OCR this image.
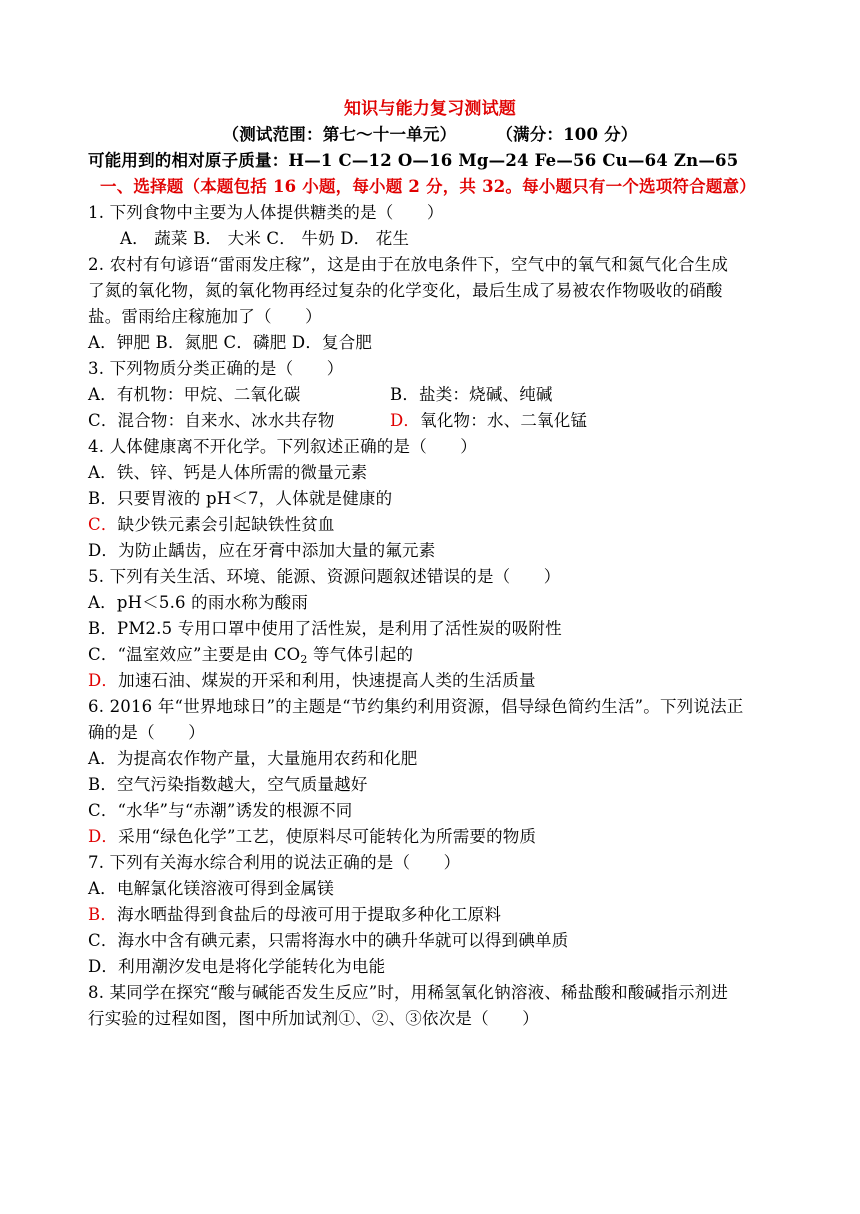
知识与能力复习测试题
（测试范围：第七～十一单元） （满分：100 分）
可能用到的相对原子质量：H—1 C—12 O—16 Mg—24 Fe—56 Cu—64 Zn—65
一、选择题（本题包括 16 小题，每小题 2 分，共 32。每小题只有一个选项符合题意）
1. 下列食物中主要为人体提供糖类的是（　　）
A． 蔬菜 B． 大米 C． 牛奶 D． 花生
2. 农村有句谚语“雷雨发庄稼”，这是由于在放电条件下，空气中的氧气和氮气化合生成
了氮的氧化物，氮的氧化物再经过复杂的化学变化，最后生成了易被农作物吸收的硝酸
盐。雷雨给庄稼施加了（　　）
A．钾肥 B．氮肥 C．磷肥 D．复合肥
3. 下列物质分类正确的是（　　）
A．有机物：甲烷、二氧化碳	B．盐类：烧碱、纯碱
C．混合物：自来水、冰水共存物	D．氧化物：水、二氧化锰
4. 人体健康离不开化学。下列叙述正确的是（　　）
A．铁、锌、钙是人体所需的微量元素
B．只要胃液的 pH＜7，人体就是健康的
C．缺少铁元素会引起缺铁性贫血
D．为防止龋齿，应在牙膏中添加大量的氟元素
5. 下列有关生活、环境、能源、资源问题叙述错误的是（　　）
A．pH＜5.6 的雨水称为酸雨
B．PM2.5 专用口罩中使用了活性炭，是利用了活性炭的吸附性
C．“温室效应”主要是由 $CO_2$ 等气体引起的
D．加速石油、煤炭的开采和利用，快速提高人类的生活质量
6. 2016 年“世界地球日”的主题是“节约集约利用资源，倡导绿色简约生活”。下列说法正
确的是（　　）
A．为提高农作物产量，大量施用农药和化肥
B．空气污染指数越大，空气质量越好
C．“水华”与“赤潮”诱发的根源不同
D．采用“绿色化学”工艺，使原料尽可能转化为所需要的物质
7. 下列有关海水综合利用的说法正确的是（　　）
A．电解氯化镁溶液可得到金属镁
B．海水晒盐得到食盐后的母液可用于提取多种化工原料
C．海水中含有碘元素，只需将海水中的碘升华就可以得到碘单质
D．利用潮汐发电是将化学能转化为电能
8. 某同学在探究“酸与碱能否发生反应”时，用稀氢氧化钠溶液、稀盐酸和酸碱指示剂进
行实验的过程如图，图中所加试剂①、②、③依次是（　　）
